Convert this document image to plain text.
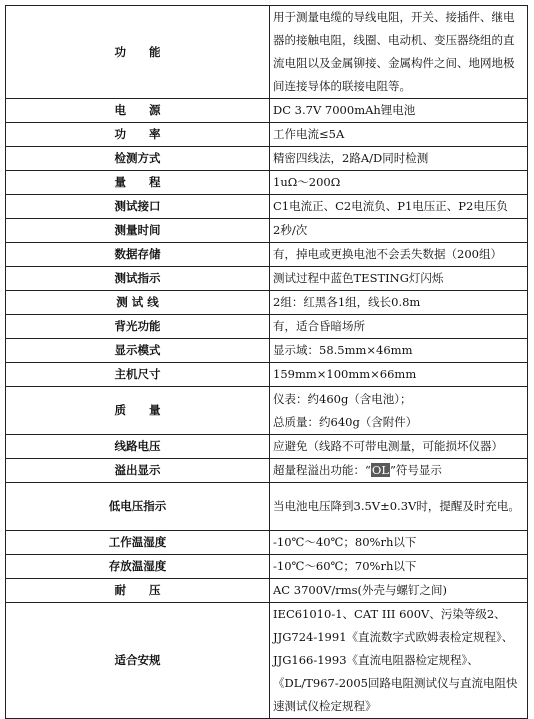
功　　能	用于测量电缆的导线电阻，开关、接插件、继电器的接触电阻，线圈、电动机、变压器绕组的直流电阻以及金属铆接、金属构件之间、地网地极间连接导体的联接电阻等。
电　　源	DC 3.7V 7000mAh锂电池
功　　率	工作电流≤5A
检测方式	精密四线法，2路A/D同时检测
量　　程	1uΩ～200Ω
测试接口	C1电流正、C2电流负、P1电压正、P2电压负
测量时间	2秒/次
数据存储	有，掉电或更换电池不会丢失数据（200组）
测试指示	测试过程中蓝色TESTING灯闪烁
测 试 线	2组：红黑各1组，线长0.8m
背光功能	有，适合昏暗场所
显示模式	显示域：58.5mm×46mm
主机尺寸	159mm×100mm×66mm
质　　量	仪表：约460g（含电池）；
总质量：约640g（含附件）

线路电压	应避免（线路不可带电测量，可能损坏仪器）
溢出显示	超量程溢出功能：“OL”符号显示
低电压指示	当电池电压降到3.5V±0.3V时，提醒及时充电。
工作温湿度	-10℃～40℃；80%rh以下
存放温湿度	-10℃～60℃；70%rh以下
耐　　压	AC 3700V/rms(外壳与螺钉之间)
适合安规	IEC61010-1、CAT III 600V、污染等级2、JJG724-1991《直流数字式欧姆表检定规程》、JJG166-1993《直流电阻器检定规程》、《DL/T967-2005回路电阻测试仪与直流电阻快速测试仪检定规程》
